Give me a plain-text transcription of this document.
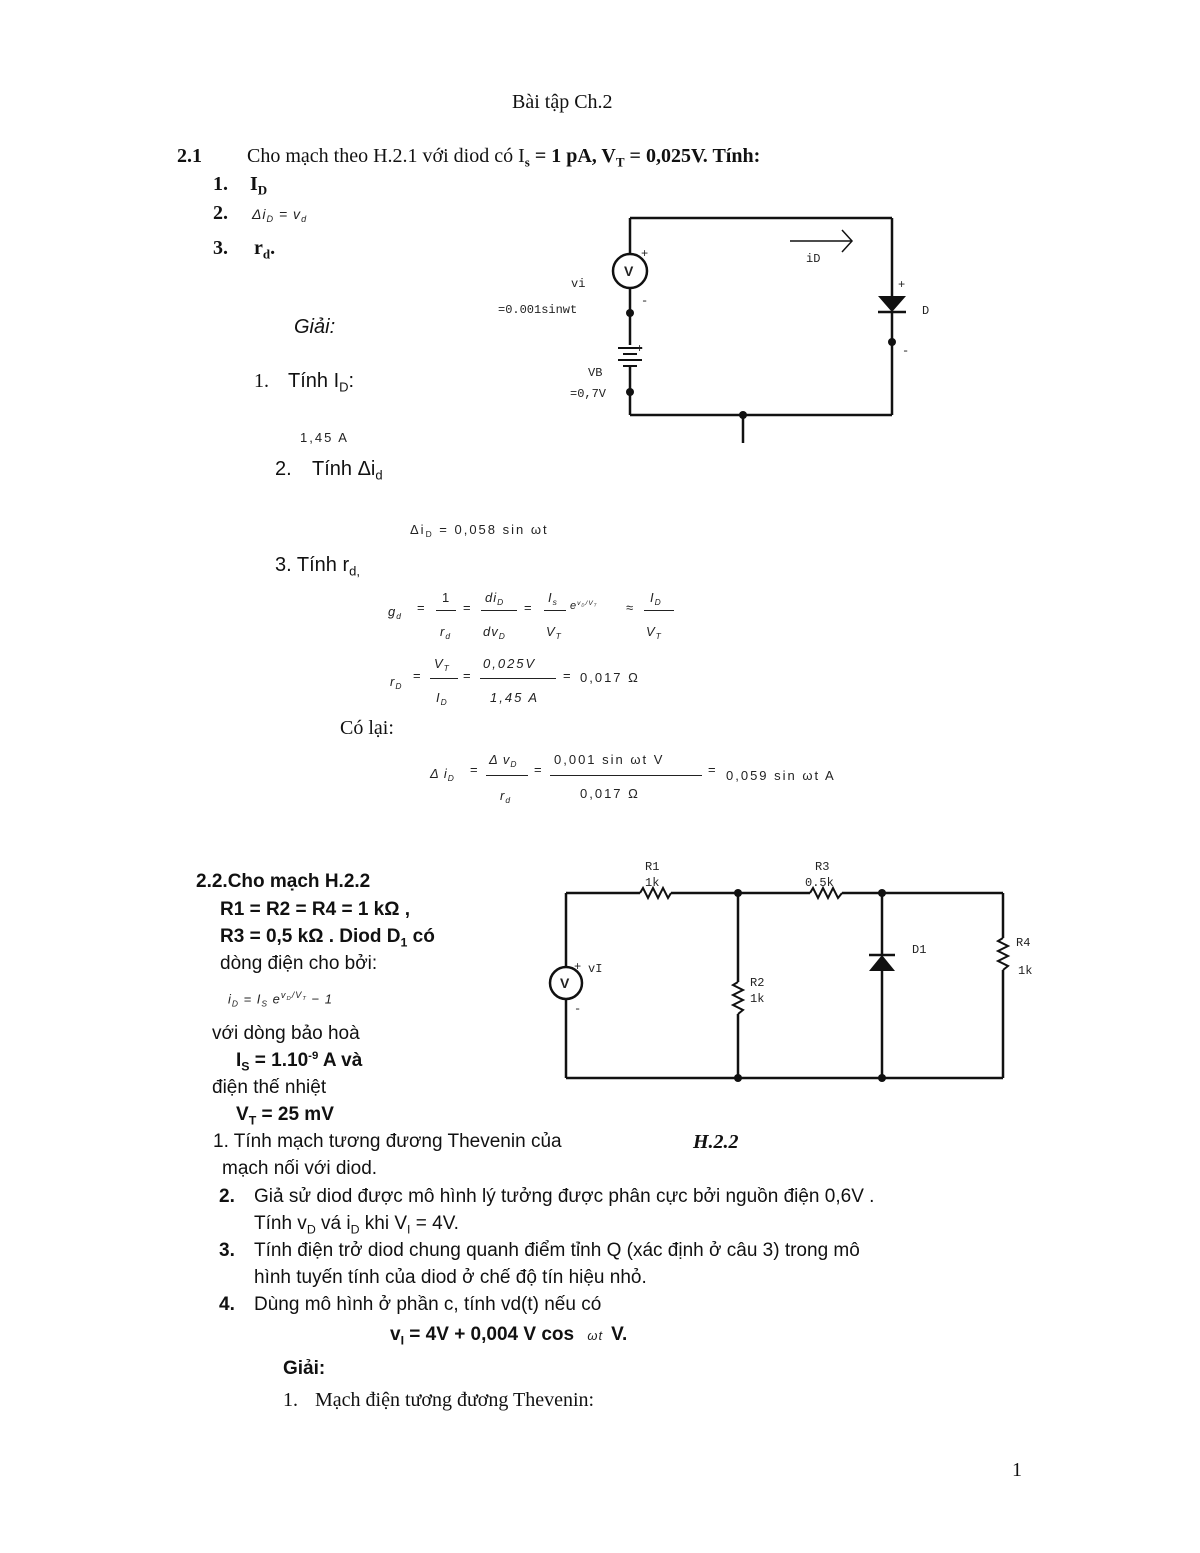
Bài tập Ch.2
2.1 Cho mạch theo H.2.1 với diod có $I_s = 1$ pA, $V_T = 0,025V$. Tính:
1. $I_D$
2. $\Delta i_D = v_d$
3. $r_d$.
Giải:
1. Tính $I_D$:
1,45 A
2. Tính $\Delta i_d$
$\Delta i_D = 0,058$ sin ωt
3. Tính $r_{d,}$
$g_d$
=
1
$r_d$
=
$di_D$
$dv_D$
=
$I_s$
$V_T$
$e^{v_D/V_T}$ ≈
$I_D$
$V_T$
$r_D$
=
$V_T$
$I_D$
=
0,025V
1,45 A
= 0,017 Ω
Có lại:
Δ $i_D$
=
Δ $v_D$
$r_d$
=
0,001 sin ωt V
0,017 Ω
= 0,059 sin ωt A
V
+
-
+
+
-
vi
=0.001sinwt
VB
=0,7V
iD
D
2.2.Cho mạch H.2.2
R1 = R2 = R4 = 1 kΩ ,
R3 = 0,5 kΩ . Diod $D_1$ có
dòng điện cho bởi:
$i_D = I_S$ $e^{v_D/V_T} - 1$
với dòng bảo hoà
$I_S = 1.10^{-9}$ A và
điện thế nhiệt
$V_T = 25$ mV
1. Tính mạch tương đương Thevenin của	H.2.2
mạch nối với diod.
2. Giả sử diod được mô hình lý tưởng được phân cực bởi nguồn điện 0,6V .
Tính $v_D$ vá $i_D$ khi $V_I = 4V$.
3. Tính điện trở diod chung quanh điểm tỉnh Q (xác định ở câu 3) trong mô
hình tuyến tính của diod ở chế độ tín hiệu nhỏ.
4. Dùng mô hình ở phần c, tính vd(t) nếu có
$v_I = 4V + 0,004$ V cos ωt V.
Giải:
1. Mạch điện tương đương Thevenin:
V
+
-
vI
R1
1k
R3
0.5k
R2
1k
D1	R4
1k
1
